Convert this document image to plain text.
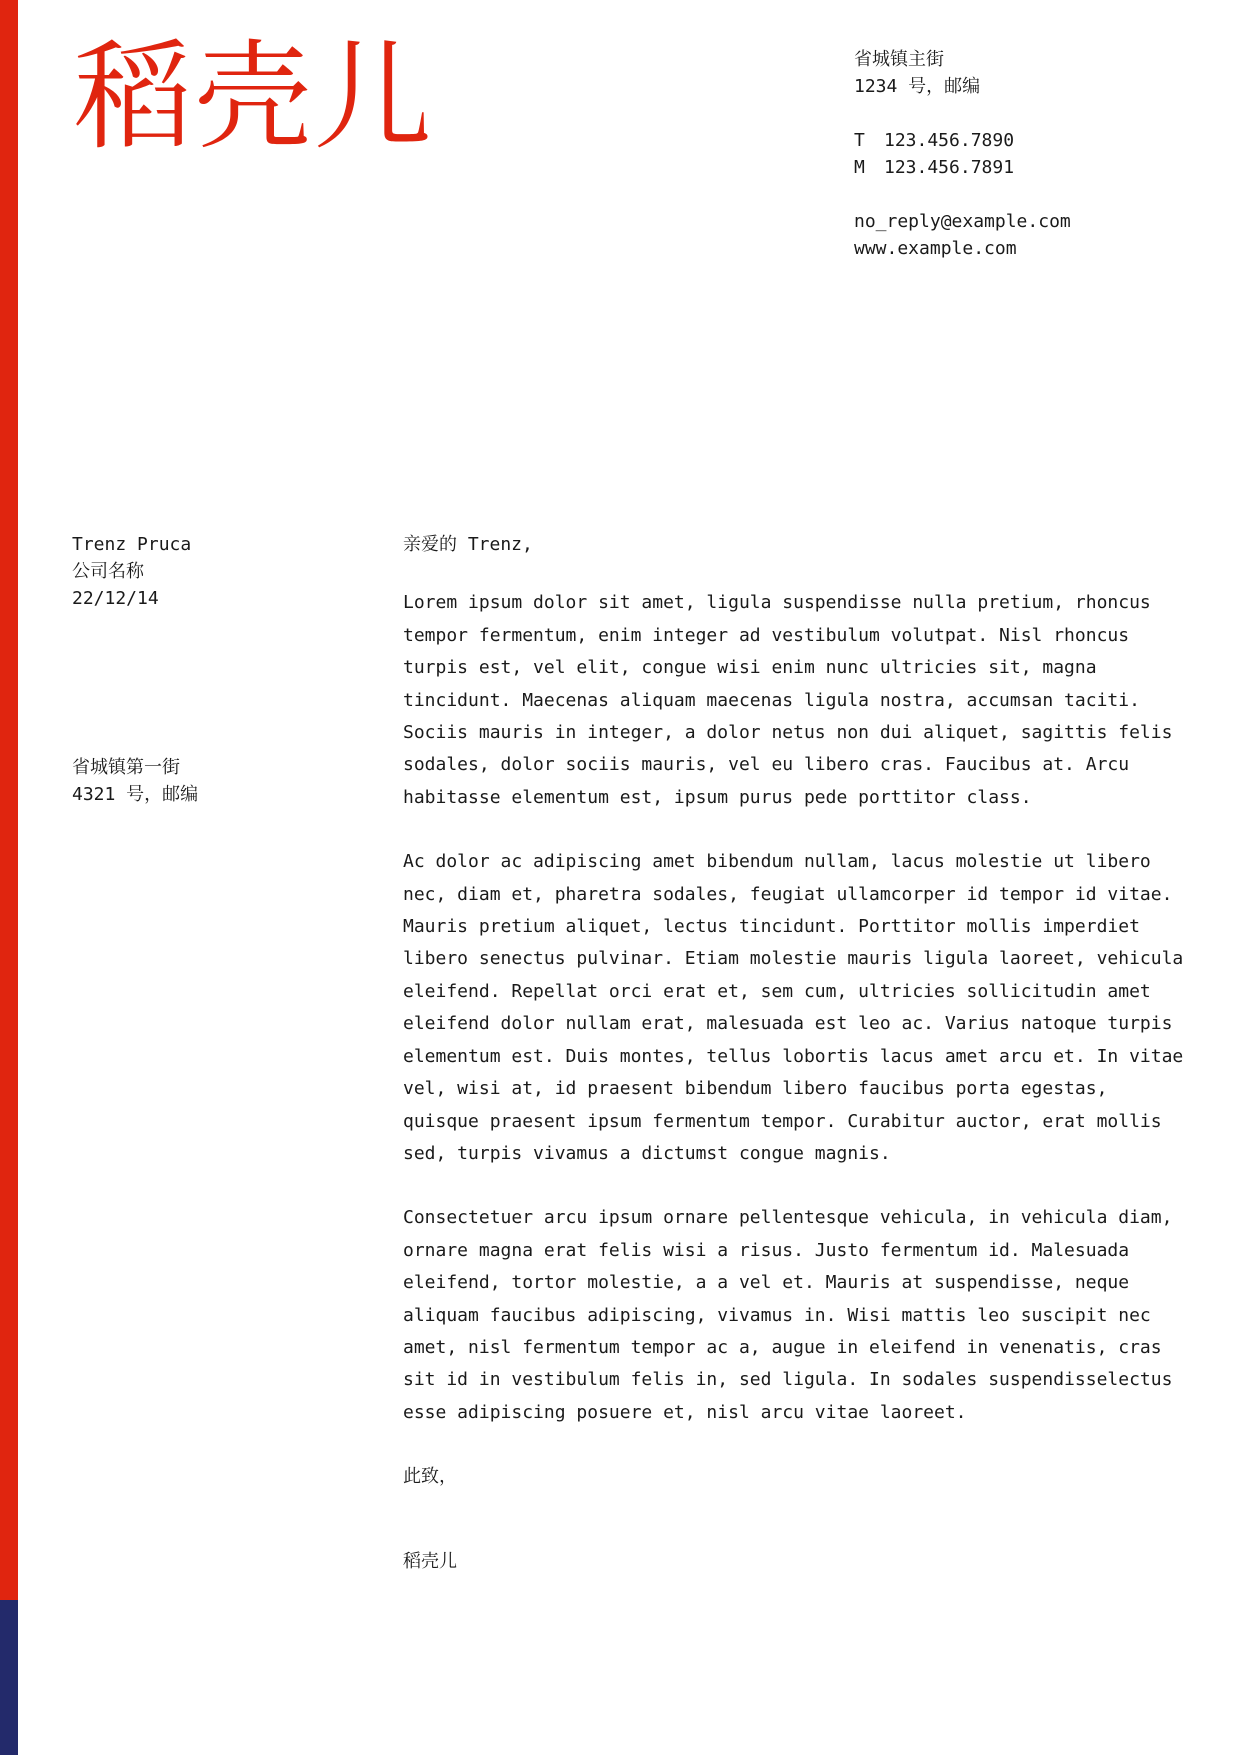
稻壳儿	省城镇主街
1234 号，邮编
T 123.456.7890
M 123.456.7891
no_reply@example.com
www.example.com
Trenz Pruca
公司名称
22/12/14
省城镇第一街
4321 号，邮编

亲爱的 Trenz,

Lorem ipsum dolor sit amet, ligula suspendisse nulla pretium, rhoncus tempor fermentum, enim integer ad vestibulum volutpat. Nisl rhoncus turpis est, vel elit, congue wisi enim nunc ultricies sit, magna tincidunt. Maecenas aliquam maecenas ligula nostra, accumsan taciti. Sociis mauris in integer, a dolor netus non dui aliquet, sagittis felis sodales, dolor sociis mauris, vel eu libero cras. Faucibus at. Arcu habitasse elementum est, ipsum purus pede porttitor class.

Ac dolor ac adipiscing amet bibendum nullam, lacus molestie ut libero nec, diam et, pharetra sodales, feugiat ullamcorper id tempor id vitae. Mauris pretium aliquet, lectus tincidunt. Porttitor mollis imperdiet libero senectus pulvinar. Etiam molestie mauris ligula laoreet, vehicula eleifend. Repellat orci erat et, sem cum, ultricies sollicitudin amet eleifend dolor nullam erat, malesuada est leo ac. Varius natoque turpis elementum est. Duis montes, tellus lobortis lacus amet arcu et. In vitae vel, wisi at, id praesent bibendum libero faucibus porta egestas, quisque praesent ipsum fermentum tempor. Curabitur auctor, erat mollis sed, turpis vivamus a dictumst congue magnis.

Consectetuer arcu ipsum ornare pellentesque vehicula, in vehicula diam, ornare magna erat felis wisi a risus. Justo fermentum id. Malesuada eleifend, tortor molestie, a a vel et. Mauris at suspendisse, neque aliquam faucibus adipiscing, vivamus in. Wisi mattis leo suscipit nec amet, nisl fermentum tempor ac a, augue in eleifend in venenatis, cras sit id in vestibulum felis in, sed ligula. In sodales suspendisselectus esse adipiscing posuere et, nisl arcu vitae laoreet.

此致，

稻壳儿
